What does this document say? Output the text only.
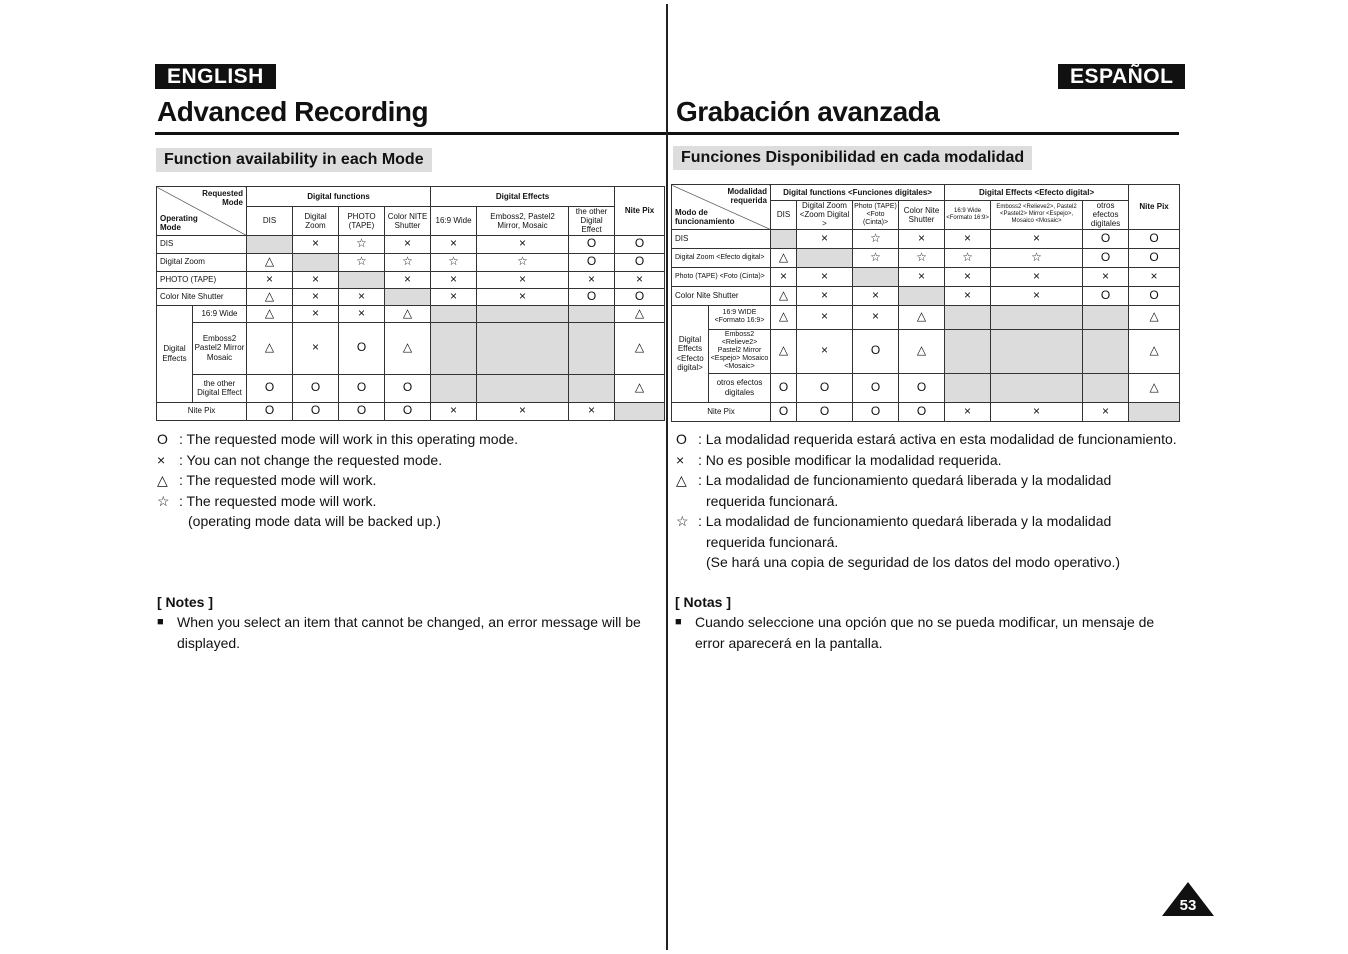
ENGLISH
Advanced Recording
Function availability in each Mode
Requested Mode
Operating Mode		Digital functions				Digital Effects			Nite Pix
		DIS	Digital Zoom	PHOTO (TAPE)	Color NITE Shutter	16:9 Wide	Emboss2, Pastel2 Mirror, Mosaic	the other Digital Effect	
DIS			×	☆	×	×	×	O	O
Digital Zoom		△		☆	☆	☆	☆	O	O
PHOTO (TAPE)		×	×		×	×	×	×	×
Color Nite Shutter		△	×	×		×	×	O	O
Digital Effects	16:9 Wide	△	×	×	△				△
	Emboss2 Pastel2 Mirror Mosaic	△	×	O	△				△
	the other Digital Effect	O	O	O	O				△
Nite Pix		O	O	O	O	×	×	×	
O : The requested mode will work in this operating mode.
× : You can not change the requested mode.
△ : The requested mode will work.
☆ : The requested mode will work.
(operating mode data will be backed up.)
[ Notes ]
■ When you select an item that cannot be changed, an error message will be displayed.
ESPAÑOL
Grabación avanzada
Funciones Disponibilidad en cada modalidad
Modalidad requerida
Modo de funcionamiento		Digital functions <Funciones digitales>				Digital Effects <Efecto digital>			Nite Pix
		DIS	Digital Zoom <Zoom Digital >	Photo (TAPE) <Foto (Cinta)>	Color Nite Shutter	16:9 Wide <Formato 16:9>	Emboss2 <Relieve2>, Pastel2 <Pastel2> Mirror <Espejo>, Mosaico <Mosaic>	otros efectos digitales	
DIS			×	☆	×	×	×	O	O
Digital Zoom <Efecto digital>		△		☆	☆	☆	☆	O	O
Photo (TAPE) <Foto (Cinta)>		×	×		×	×	×	×	×
Color Nite Shutter		△	×	×		×	×	O	O
Digital Effects <Efecto digital>	16:9 WIDE <Formato 16:9>	△	×	×	△				△
	Emboss2 <Relieve2> Pastel2 Mirror <Espejo> Mosaico <Mosaic>	△	×	O	△				△
	otros efectos digitales	O	O	O	O				△
Nite Pix		O	O	O	O	×	×	×	
O : La modalidad requerida estará activa en esta modalidad de funcionamiento.
× : No es posible modificar la modalidad requerida.
△ : La modalidad de funcionamiento quedará liberada y la modalidad
requerida funcionará.
☆ : La modalidad de funcionamiento quedará liberada y la modalidad
requerida funcionará.
(Se hará una copia de seguridad de los datos del modo operativo.)
[ Notas ]
■ Cuando seleccione una opción que no se pueda modificar, un mensaje de error aparecerá en la pantalla.
53
